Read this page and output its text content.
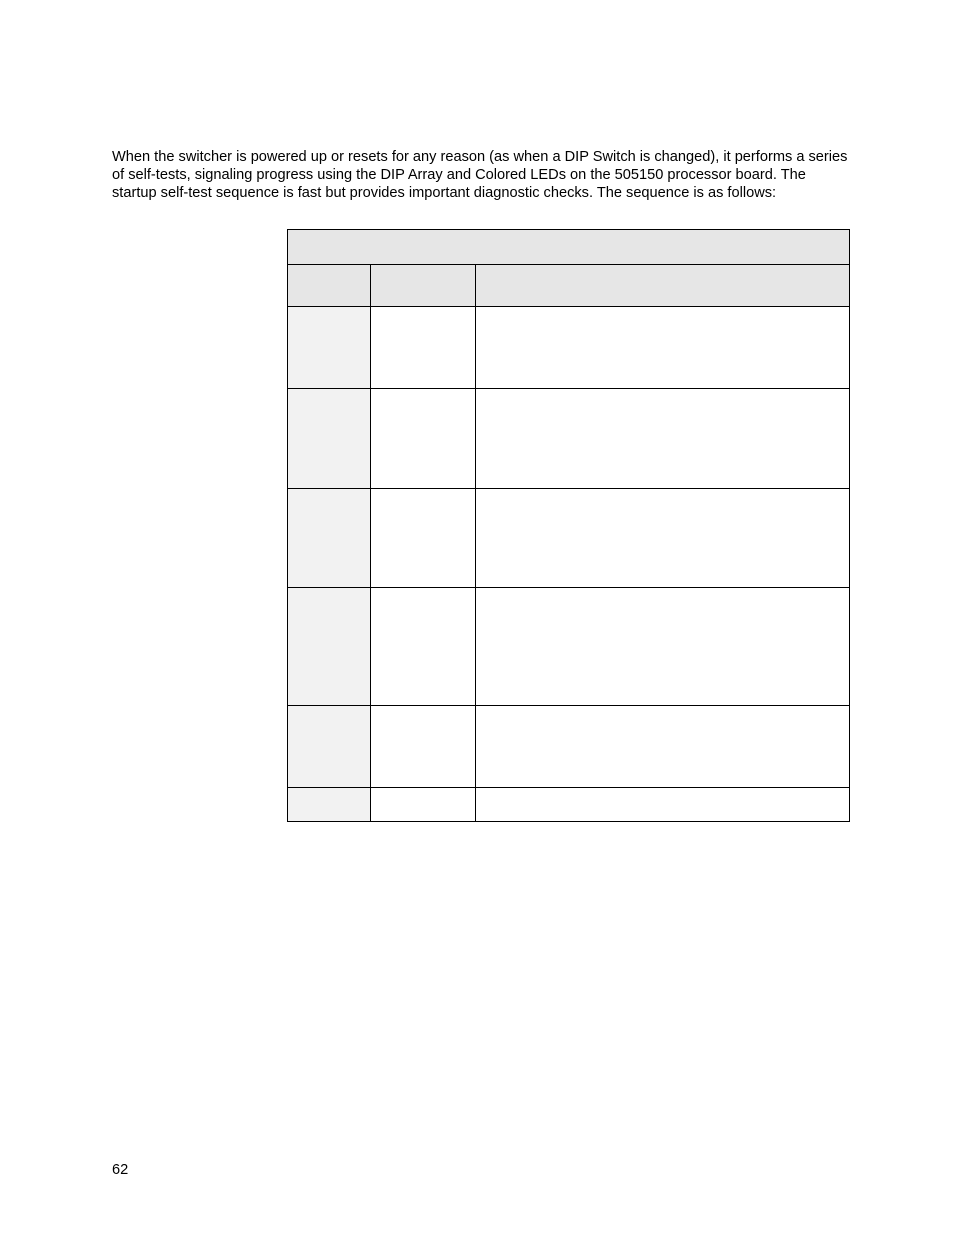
When the switcher is powered up or resets for any reason (as when a DIP Switch is changed), it performs a series of self-tests, signaling progress using the DIP Array and Colored LEDs on the 505150 processor board. The startup self-test sequence is fast but provides important diagnostic checks. The sequence is as follows:

62
